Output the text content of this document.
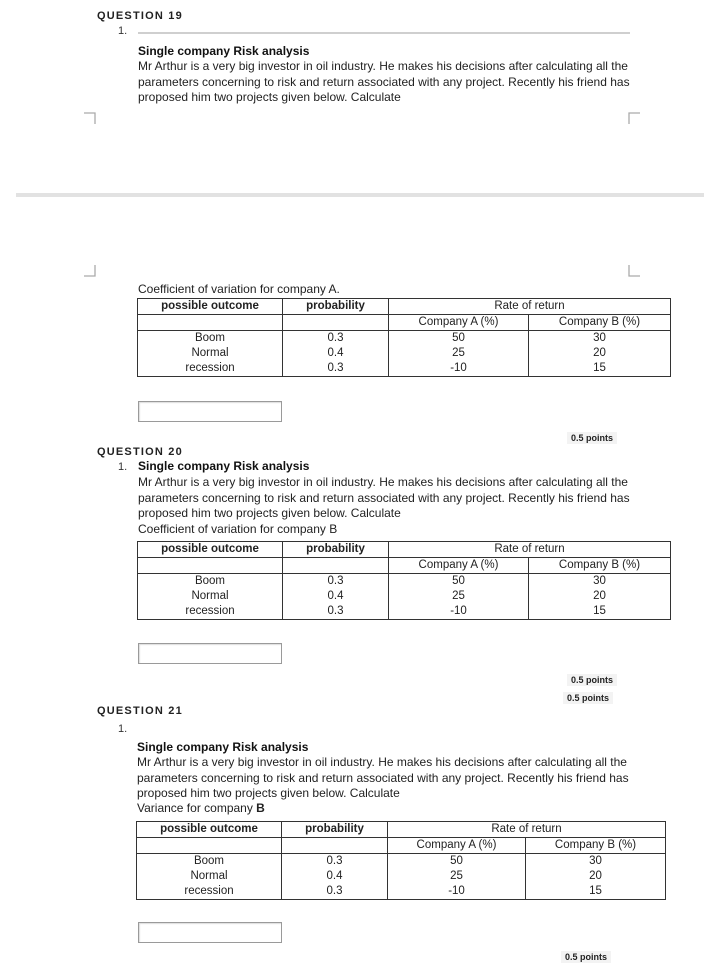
QUESTION 19
1.
Single company Risk analysis
Mr Arthur is a very big investor in oil industry. He makes his decisions after calculating all the parameters concerning to risk and return associated with any project. Recently his friend has proposed him two projects given below. Calculate
Coefficient of variation for company A.
possible outcome	probability	Rate of return	
		Company A (%)	Company B (%)
Boom	0.3	50	30
Normal	0.4	25	20
recession	0.3	-10	15
0.5 points
QUESTION 20
1. Single company Risk analysis
Mr Arthur is a very big investor in oil industry. He makes his decisions after calculating all the parameters concerning to risk and return associated with any project. Recently his friend has proposed him two projects given below. Calculate
Coefficient of variation for company B
possible outcome	probability	Rate of return	
		Company A (%)	Company B (%)
Boom	0.3	50	30
Normal	0.4	25	20
recession	0.3	-10	15
0.5 points
0.5 points
QUESTION 21
1.
Single company Risk analysis
Mr Arthur is a very big investor in oil industry. He makes his decisions after calculating all the parameters concerning to risk and return associated with any project. Recently his friend has proposed him two projects given below. Calculate
Variance for company B
possible outcome	probability	Rate of return	
		Company A (%)	Company B (%)
Boom	0.3	50	30
Normal	0.4	25	20
recession	0.3	-10	15
0.5 points
